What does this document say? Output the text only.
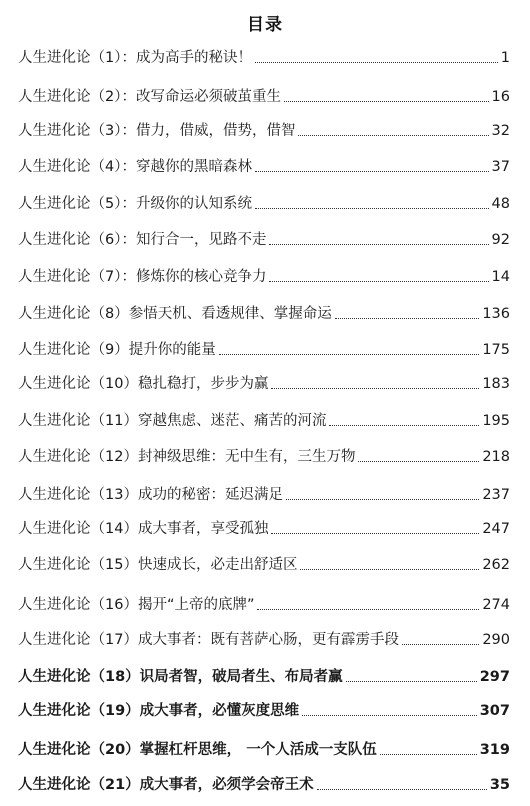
目录
人生进化论（1）：成为高手的秘诀！	1
人生进化论（2）：改写命运必须破茧重生	16
人生进化论（3）：借力，借威，借势，借智	32
人生进化论（4）：穿越你的黑暗森林	37
人生进化论（5）：升级你的认知系统	48
人生进化论（6）：知行合一，见路不走	92
人生进化论（7）：修炼你的核心竞争力	14
人生进化论（8）参悟天机、看透规律、掌握命运	136
人生进化论（9）提升你的能量	175
人生进化论（10）稳扎稳打，步步为赢	183
人生进化论（11）穿越焦虑、迷茫、痛苦的河流	195
人生进化论（12）封神级思维：无中生有，三生万物	218
人生进化论（13）成功的秘密：延迟满足	237
人生进化论（14）成大事者，享受孤独	247
人生进化论（15）快速成长，必走出舒适区	262
人生进化论（16）揭开“上帝的底牌”	274
人生进化论（17）成大事者：既有菩萨心肠，更有霹雳手段	290
人生进化论（18）识局者智，破局者生、布局者赢	297
人生进化论（19）成大事者，必懂灰度思维	307
人生进化论（20）掌握杠杆思维， 一个人活成一支队伍	319
人生进化论（21）成大事者，必须学会帝王术	35
